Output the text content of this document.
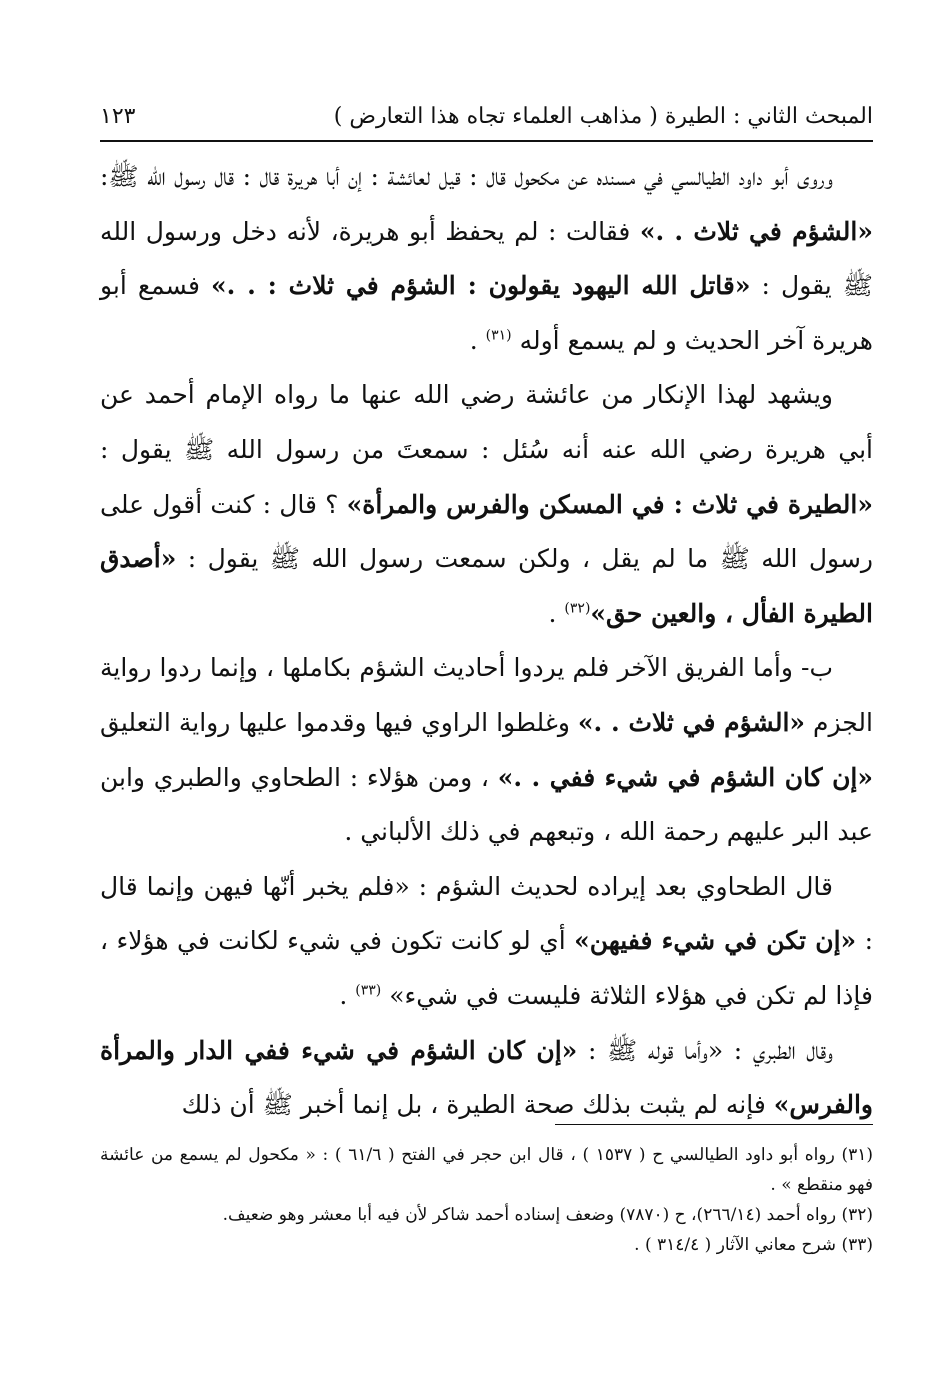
المبحث الثاني : الطيرة ( مذاهب العلماء تجاه هذا التعارض )
١٢٣

وروى أبو داود الطيالسي في مسنده عن مكحول قال : قيل لعائشة : إن أبا هريرة قال : قال رسول الله ﷺ: «الشؤم في ثلاث . .» فقالت : لم يحفظ أبو هريرة، لأنه دخل ورسول الله ﷺ يقول : «قاتل الله اليهود يقولون : الشؤم في ثلاث : . .» فسمع أبو هريرة آخر الحديث و لم يسمع أوله $^{(٣١)}$ .

ويشهد لهذا الإنكار من عائشة رضي الله عنها ما رواه الإمام أحمد عن أبي هريرة رضي الله عنه أنه سُئل : سمعتَ من رسول الله ﷺ يقول : «الطيرة في ثلاث : في المسكن والفرس والمرأة» ؟ قال : كنت أقول على رسول الله ﷺ ما لم يقل ، ولكن سمعت رسول الله ﷺ يقول : «أصدق الطيرة الفأل ، والعين حق»$^{(٣٢)}$ .

ب- وأما الفريق الآخر فلم يردوا أحاديث الشؤم بكاملها ، وإنما ردوا رواية الجزم «الشؤم في ثلاث . .» وغلطوا الراوي فيها وقدموا عليها رواية التعليق «إن كان الشؤم في شيء ففي . .» ، ومن هؤلاء : الطحاوي والطبري وابن عبد البر عليهم رحمة الله ، وتبعهم في ذلك الألباني .

قال الطحاوي بعد إيراده لحديث الشؤم : «فلم يخبر أنّها فيهن وإنما قال : «إن تكن في شيء ففيهن» أي لو كانت تكون في شيء لكانت في هؤلاء ، فإذا لم تكن في هؤلاء الثلاثة فليست في شيء» $^{(٣٣)}$ .

وقال الطبري : «وأما قوله ﷺ : «إن كان الشؤم في شيء ففي الدار والمرأة والفرس» فإنه لم يثبت بذلك صحة الطيرة ، بل إنما أخبر ﷺ أن ذلك

(٣١) رواه أبو داود الطيالسي ح ( ١٥٣٧ ) ، قال ابن حجر في الفتح ( ٦١/٦ ) : « مكحول لم يسمع من عائشة فهو منقطع » .

(٣٢) رواه أحمد (٢٦٦/١٤)، ح (٧٨٧٠) وضعف إسناده أحمد شاكر لأن فيه أبا معشر وهو ضعيف.

(٣٣) شرح معاني الآثار ( ٣١٤/٤ ) .
